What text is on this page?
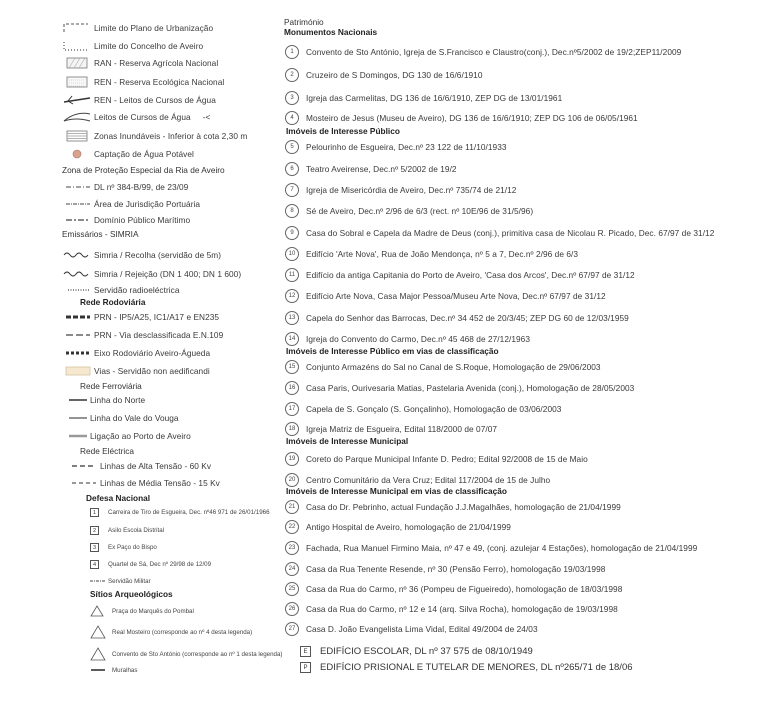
Limite do Plano de Urbanização
Limite do Concelho de Aveiro
RAN - Reserva Agrícola Nacional
REN - Reserva Ecológica Nacional
REN - Leitos de Cursos de Água
Leitos de Cursos de Água -<
Zonas Inundáveis - Inferior à cota 2,30 m
Captação de Água Potável
Zona de Proteção Especial da Ria de Aveiro
DL nº 384-B/99, de 23/09
Área de Jurisdição Portuária
Domínio Público Marítimo
Emissários - SIMRIA
Simria / Recolha (servidão de 5m)
Simria / Rejeição (DN 1 400; DN 1 600)
Servidão radioeléctrica
Rede Rodoviária
PRN - IP5/A25, IC1/A17 e EN235
PRN - Via desclassificada E.N.109
Eixo Rodoviário Aveiro-Águeda
Vias - Servidão non aedificandi
Rede Ferroviária
Linha do Norte
Linha do Vale do Vouga
Ligação ao Porto de Aveiro
Rede Eléctrica
Linhas de Alta Tensão - 60 Kv
Linhas de Média Tensão - 15 Kv
Defesa Nacional
1	Carreira de Tiro de Esgueira, Dec. nº46 971 de 26/01/1966
2	Asilo Escola Distrital
3	Ex Paço do Bispo
4	Quartel de Sá, Dec nº 29/98 de 12/09
Servidão Militar
Sítios Arqueológicos
Praça do Marquês do Pombal
Real Mosteiro (corresponde ao nº 4 desta legenda)
Convento de Sto António (corresponde ao nº 1 desta legenda)
Muralhas
Património
Monumentos Nacionais
1	Convento de Sto António, Igreja de S.Francisco e Claustro(conj.), Dec.nº5/2002 de 19/2;ZEP11/2009
2	Cruzeiro de S Domingos, DG 130 de 16/6/1910
3	Igreja das Carmelitas, DG 136 de 16/6/1910, ZEP DG de 13/01/1961
4	Mosteiro de Jesus (Museu de Aveiro), DG 136 de 16/6/1910; ZEP DG 106 de 06/05/1961
Imóveis de Interesse Público
5	Pelourinho de Esgueira, Dec.nº 23 122 de 11/10/1933
6	Teatro Aveirense, Dec.nº 5/2002 de 19/2
7	Igreja de Misericórdia de Aveiro, Dec.nº 735/74 de 21/12
8	Sé de Aveiro, Dec.nº 2/96 de 6/3 (rect. nº 10E/96 de 31/5/96)
9	Casa do Sobral e Capela da Madre de Deus (conj.), primitiva casa de Nicolau R. Picado, Dec. 67/97 de 31/12
10	Edifício 'Arte Nova', Rua de João Mendonça, nº 5 a 7, Dec.nº 2/96 de 6/3
11	Edifício da antiga Capitania do Porto de Aveiro, 'Casa dos Arcos', Dec.nº 67/97 de 31/12
12	Edifício Arte Nova, Casa Major Pessoa/Museu Arte Nova, Dec.nº 67/97 de 31/12
13	Capela do Senhor das Barrocas, Dec.nº 34 452 de 20/3/45; ZEP DG 60 de 12/03/1959
14	Igreja do Convento do Carmo, Dec.nº 45 468 de 27/12/1963
Imóveis de Interesse Público em vias de classificação
15	Conjunto Armazéns do Sal no Canal de S.Roque, Homologação de 29/06/2003
16	Casa Paris, Ourivesaria Matias, Pastelaria Avenida (conj.), Homologação de 28/05/2003
17	Capela de S. Gonçalo (S. Gonçalinho), Homologação de 03/06/2003
18	Igreja Matriz de Esgueira, Edital 118/2000 de 07/07
Imóveis de Interesse Municipal
19	Coreto do Parque Municipal Infante D. Pedro; Edital 92/2008 de 15 de Maio
20	Centro Comunitário da Vera Cruz; Edital 117/2004 de 15 de Julho
Imóveis de Interesse Municipal em vias de classificação
21	Casa do Dr. Pebrinho, actual Fundação J.J.Magalhães, homologação de 21/04/1999
22	Antigo Hospital de Aveiro, homologação de 21/04/1999
23	Fachada, Rua Manuel Firmino Maia, nº 47 e 49, (conj. azulejar 4 Estações), homologação de 21/04/1999
24	Casa da Rua Tenente Resende, nº 30 (Pensão Ferro), homologação 19/03/1998
25	Casa da Rua do Carmo, nº 36 (Pompeu de Figueiredo), homologação de 18/03/1998
26	Casa da Rua do Carmo, nº 12 e 14 (arq. Silva Rocha), homologação de 19/03/1998
27	Casa D. João Evangelista Lima Vidal, Edital 49/2004 de 24/03
E	EDIFÍCIO ESCOLAR, DL nº 37 575 de 08/10/1949
P	EDIFÍCIO PRISIONAL E TUTELAR DE MENORES, DL nº265/71 de 18/06
